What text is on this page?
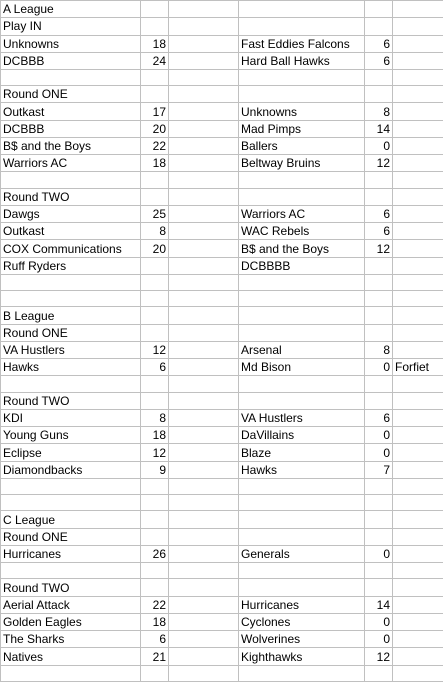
A League					
Play IN					
Unknowns	18		Fast Eddies Falcons	6	
DCBBB	24		Hard Ball Hawks	6	

Round ONE					
Outkast	17		Unknowns	8	
DCBBB	20		Mad Pimps	14	
B$ and the Boys	22		Ballers	0	
Warriors AC	18		Beltway Bruins	12	

Round TWO					
Dawgs	25		Warriors AC	6	
Outkast	8		WAC Rebels	6	
COX Communications	20		B$ and the Boys	12	
Ruff Ryders			DCBBBB		

B League					
Round ONE					
VA Hustlers	12		Arsenal	8	
Hawks	6		Md Bison	0	Forfiet

Round TWO					
KDI	8		VA Hustlers	6	
Young Guns	18		DaVillains	0	
Eclipse	12		Blaze	0	
Diamondbacks	9		Hawks	7	

C League					
Round ONE					
Hurricanes	26		Generals	0	

Round TWO					
Aerial Attack	22		Hurricanes	14	
Golden Eagles	18		Cyclones	0	
The Sharks	6		Wolverines	0	
Natives	21		Kighthawks	12	
